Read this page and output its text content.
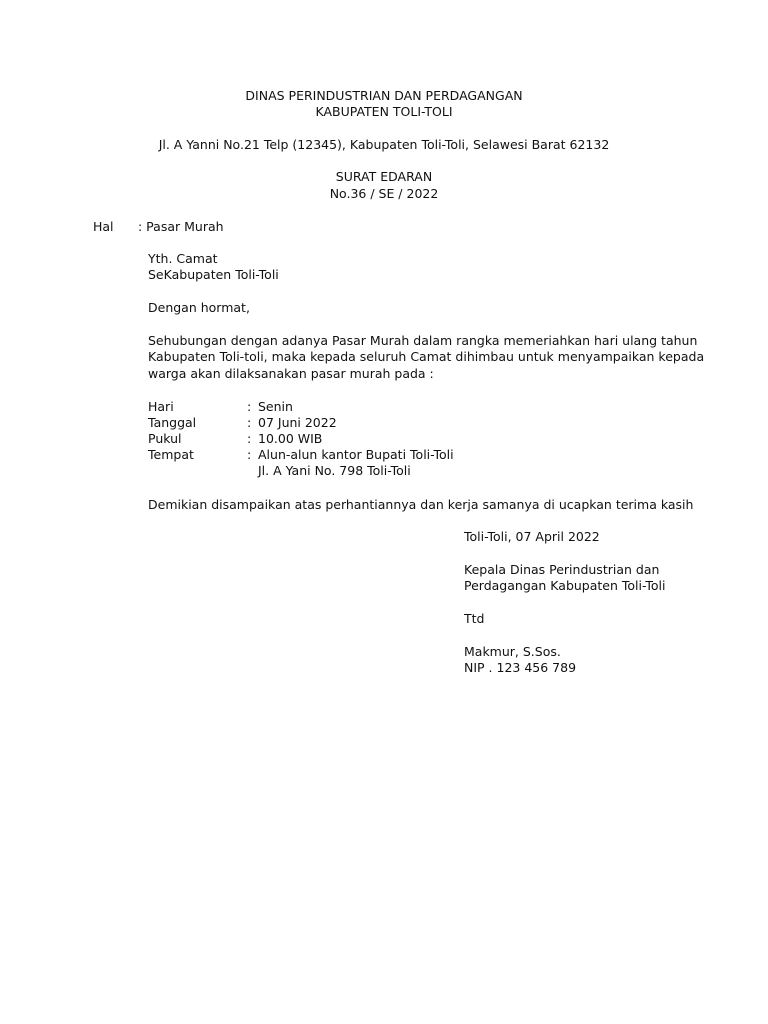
DINAS PERINDUSTRIAN DAN PERDAGANGAN
KABUPATEN TOLI-TOLI
Jl. A Yanni No.21 Telp (12345), Kabupaten Toli-Toli, Selawesi Barat 62132
SURAT EDARAN
No.36 / SE / 2022
Hal : Pasar Murah
Yth. Camat
SeKabupaten Toli-Toli
Dengan hormat,
Sehubungan dengan adanya Pasar Murah dalam rangka memeriahkan hari ulang tahun
Kabupaten Toli-toli, maka kepada seluruh Camat dihimbau untuk menyampaikan kepada
warga akan dilaksanakan pasar murah pada :
Hari	: Senin
Tanggal	: 07 Juni 2022
Pukul	: 10.00 WIB
Tempat	: Alun-alun kantor Bupati Toli-Toli
Jl. A Yani No. 798 Toli-Toli
Demikian disampaikan atas perhantiannya dan kerja samanya di ucapkan terima kasih
Toli-Toli, 07 April 2022
Kepala Dinas Perindustrian dan
Perdagangan Kabupaten Toli-Toli
Ttd
Makmur, S.Sos.
NIP . 123 456 789
